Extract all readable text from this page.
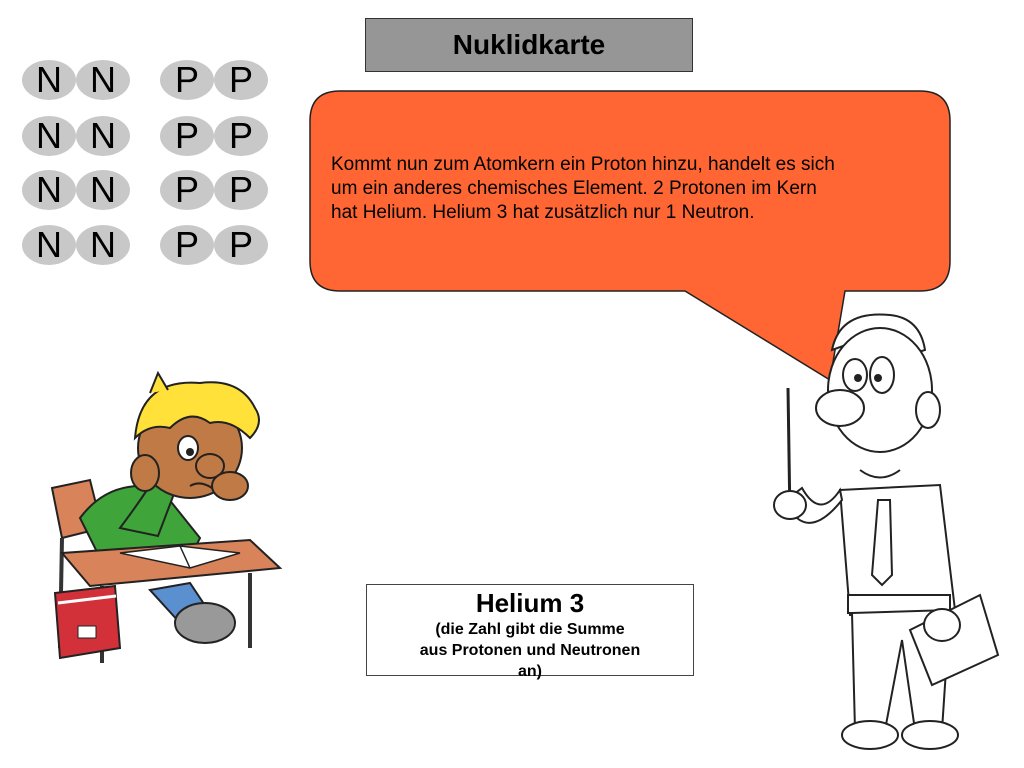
Nuklidkarte
N N	P P
N N	P P
N N	P P
N N	P P
Kommt nun zum Atomkern ein Proton hinzu, handelt es sich
um ein anderes chemisches Element. 2 Protonen im Kern
hat Helium. Helium 3 hat zusätzlich nur 1 Neutron.
Helium 3
(die Zahl gibt die Summe
aus Protonen und Neutronen
an)
